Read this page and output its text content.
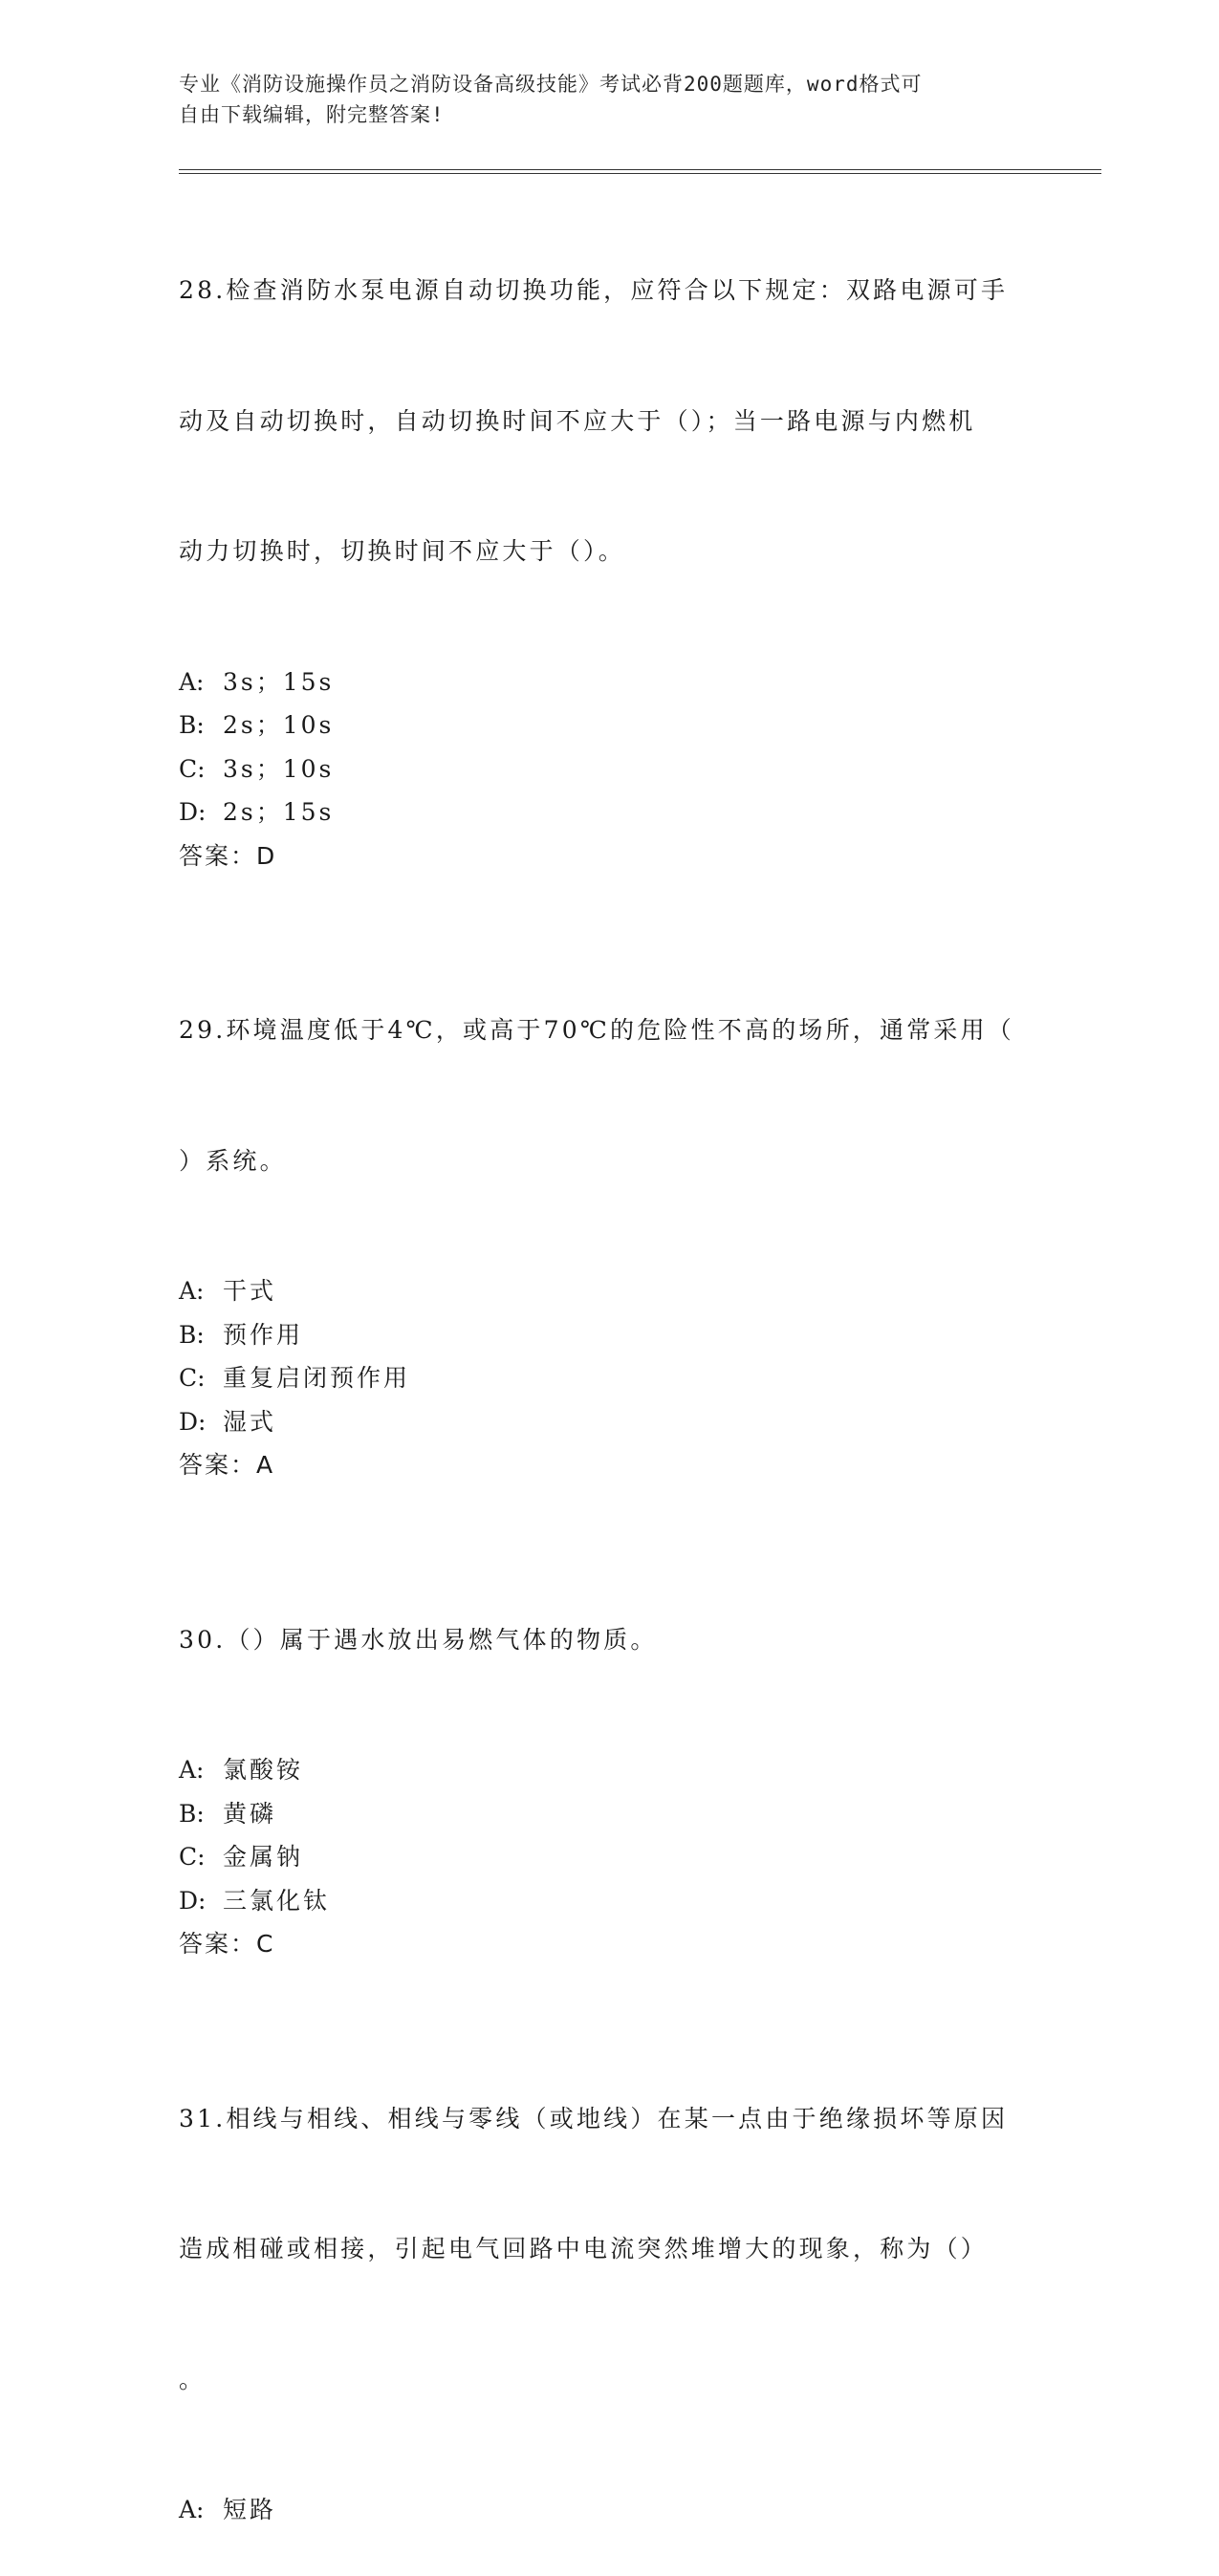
专业《消防设施操作员之消防设备高级技能》考试必背200题题库，word格式可
自由下载编辑，附完整答案!

28.检查消防水泵电源自动切换功能，应符合以下规定：双路电源可手

动及自动切换时，自动切换时间不应大于（）；当一路电源与内燃机

动力切换时，切换时间不应大于（）。

A: 3s；15s
B: 2s；10s
C: 3s；10s
D: 2s；15s
答案：D

29.环境温度低于4℃，或高于70℃的危险性不高的场所，通常采用（

）系统。

A: 干式
B: 预作用
C: 重复启闭预作用
D: 湿式
答案：A

30.（）属于遇水放出易燃气体的物质。

A: 氯酸铵
B: 黄磷
C: 金属钠
D: 三氯化钛
答案：C

31.相线与相线、相线与零线（或地线）在某一点由于绝缘损坏等原因

造成相碰或相接，引起电气回路中电流突然堆增大的现象，称为（）

。

A: 短路
